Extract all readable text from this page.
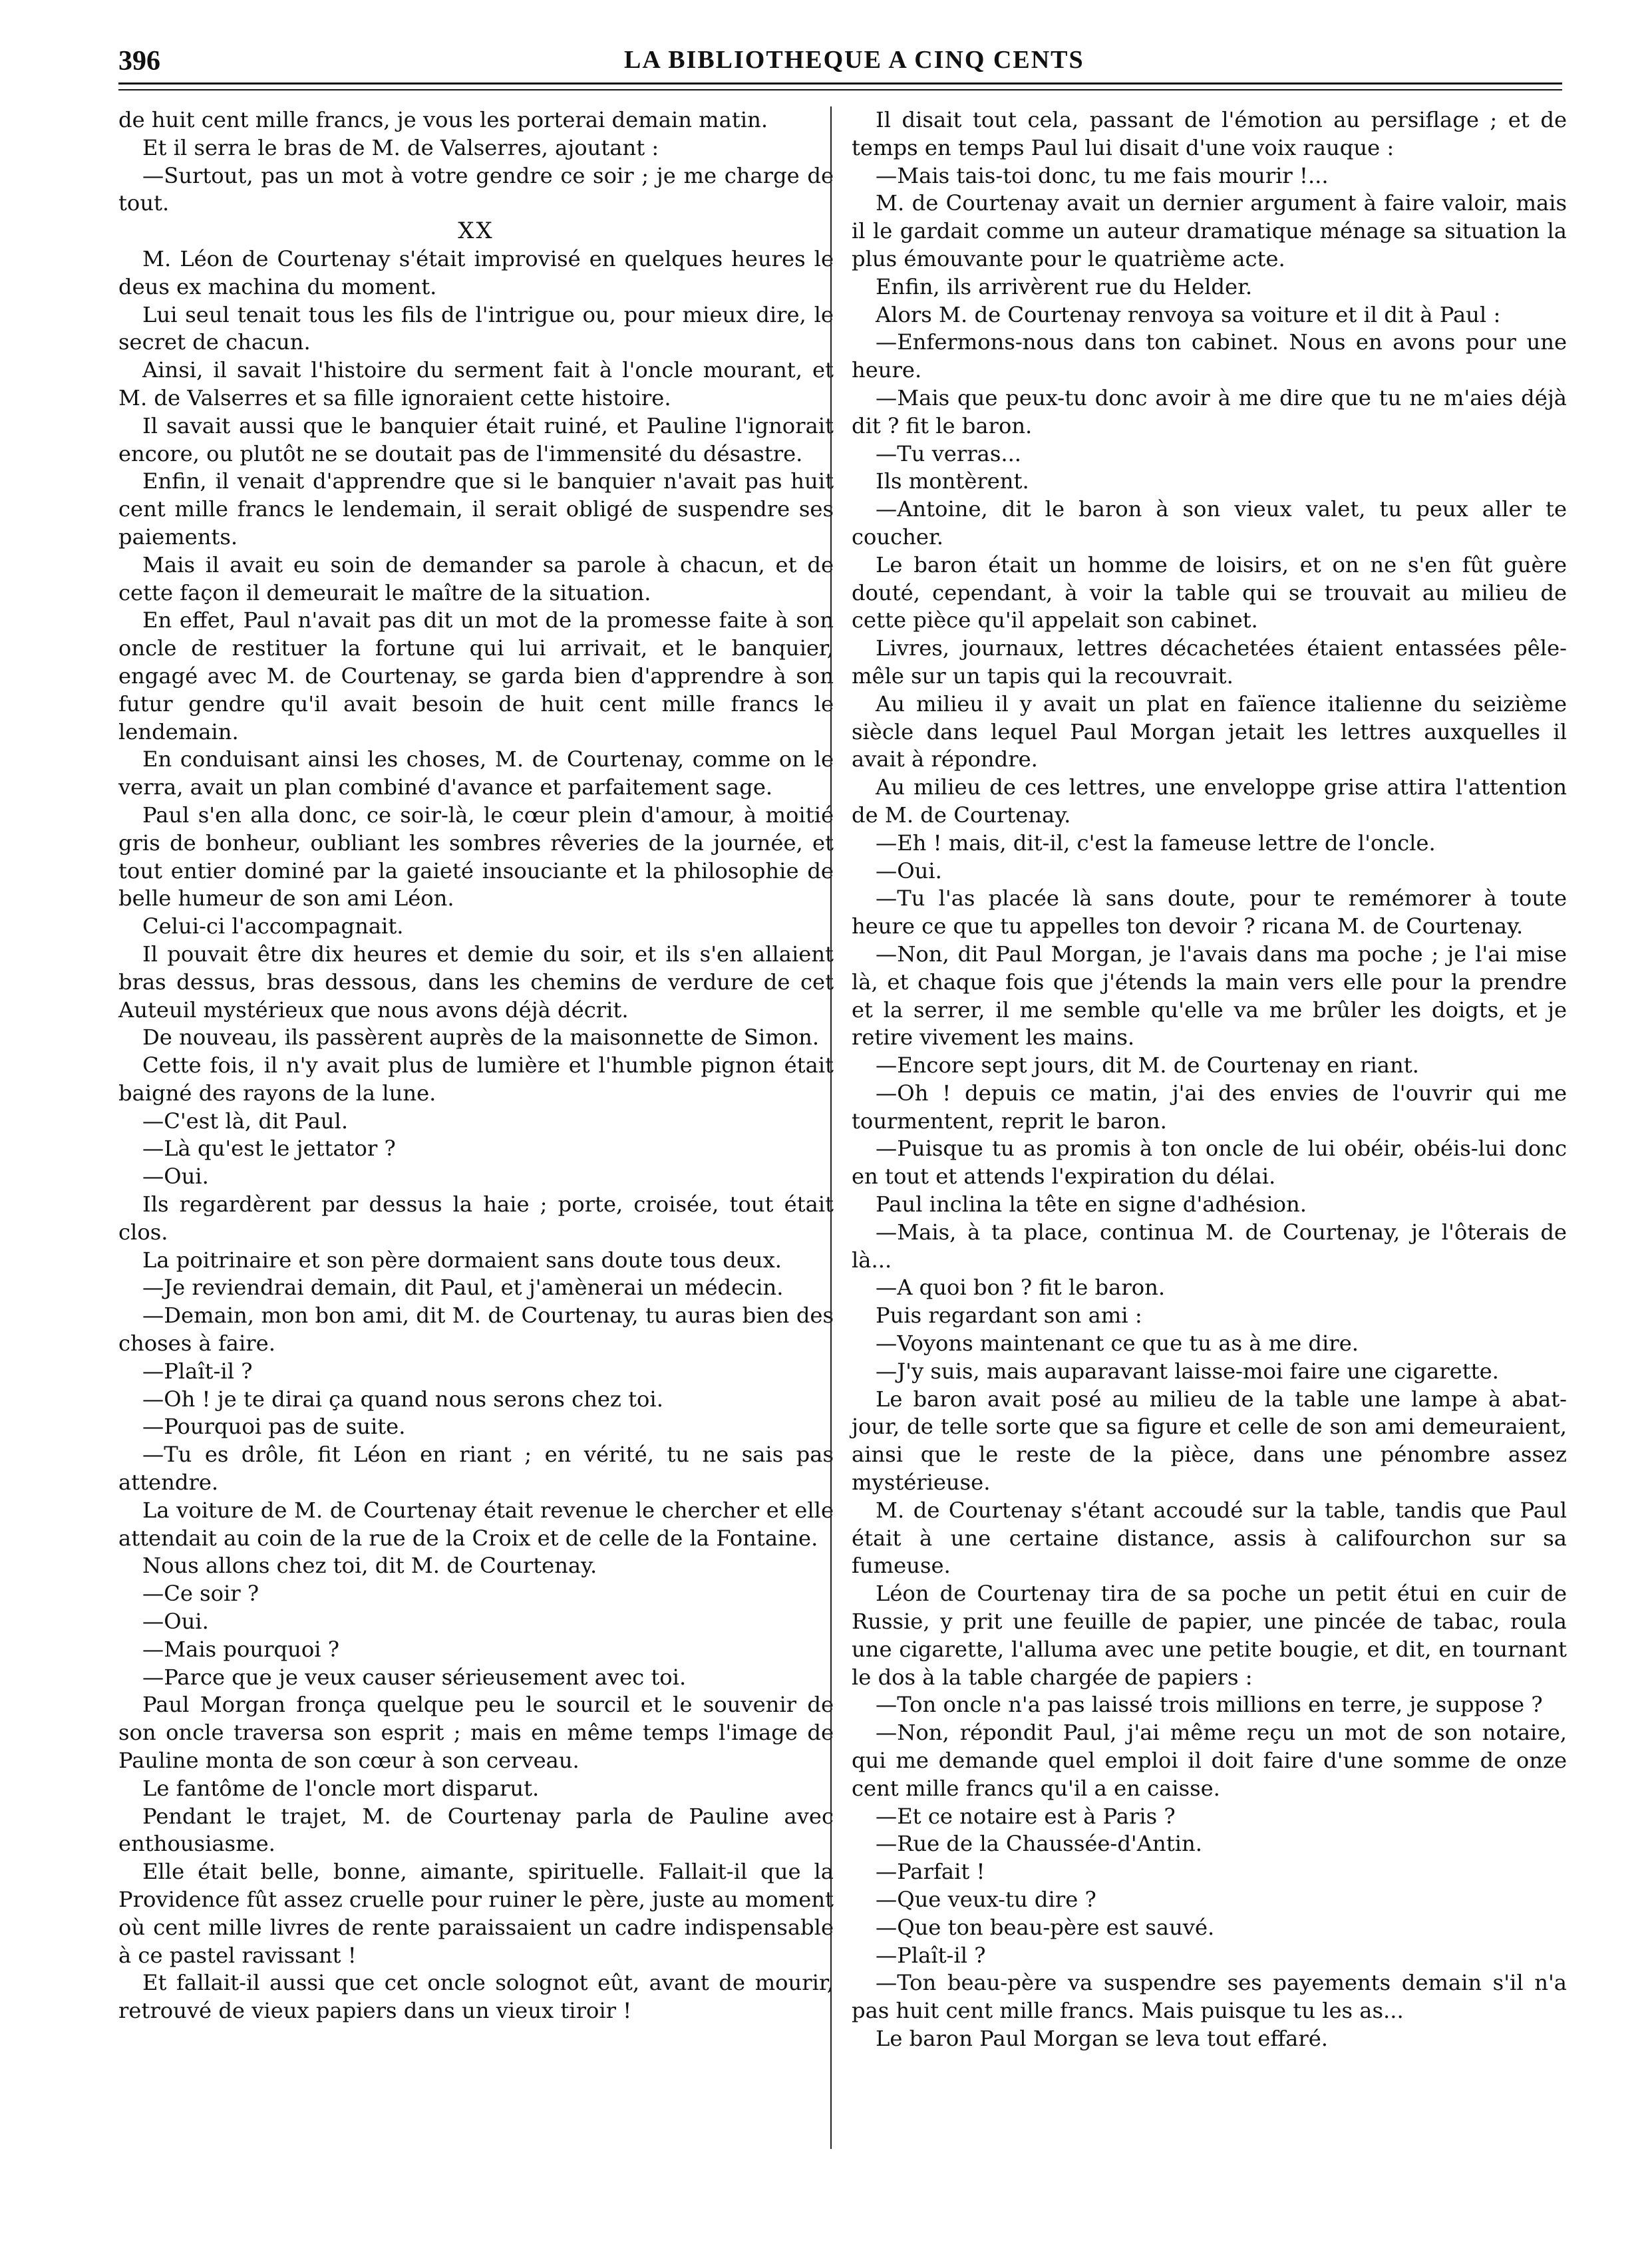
396	LA BIBLIOTHEQUE A CINQ CENTS

de huit cent mille francs, je vous les porterai demain matin.

Et il serra le bras de M. de Valserres, ajoutant :

—Surtout, pas un mot à votre gendre ce soir ; je me charge de tout.

XX

M. Léon de Courtenay s'était improvisé en quelques heures le deus ex machina du moment.

Lui seul tenait tous les fils de l'intrigue ou, pour mieux dire, le secret de chacun.

Ainsi, il savait l'histoire du serment fait à l'oncle mourant, et M. de Valserres et sa fille ignoraient cette histoire.

Il savait aussi que le banquier était ruiné, et Pauline l'ignorait encore, ou plutôt ne se doutait pas de l'immensité du désastre.

Enfin, il venait d'apprendre que si le banquier n'avait pas huit cent mille francs le lendemain, il serait obligé de suspendre ses paiements.

Mais il avait eu soin de demander sa parole à chacun, et de cette façon il demeurait le maître de la situation.

En effet, Paul n'avait pas dit un mot de la promesse faite à son oncle de restituer la fortune qui lui arrivait, et le banquier, engagé avec M. de Courtenay, se garda bien d'apprendre à son futur gendre qu'il avait besoin de huit cent mille francs le lendemain.

En conduisant ainsi les choses, M. de Courtenay, comme on le verra, avait un plan combiné d'avance et parfaitement sage.

Paul s'en alla donc, ce soir-là, le cœur plein d'amour, à moitié gris de bonheur, oubliant les sombres rêveries de la journée, et tout entier dominé par la gaieté insouciante et la philosophie de belle humeur de son ami Léon.

Celui-ci l'accompagnait.

Il pouvait être dix heures et demie du soir, et ils s'en allaient bras dessus, bras dessous, dans les chemins de verdure de cet Auteuil mystérieux que nous avons déjà décrit.

De nouveau, ils passèrent auprès de la maisonnette de Simon.

Cette fois, il n'y avait plus de lumière et l'humble pignon était baigné des rayons de la lune.

—C'est là, dit Paul.

—Là qu'est le jettator ?

—Oui.

Ils regardèrent par dessus la haie ; porte, croisée, tout était clos.

La poitrinaire et son père dormaient sans doute tous deux.

—Je reviendrai demain, dit Paul, et j'amènerai un médecin.

—Demain, mon bon ami, dit M. de Courtenay, tu auras bien des choses à faire.

—Plaît-il ?

—Oh ! je te dirai ça quand nous serons chez toi.

—Pourquoi pas de suite.

—Tu es drôle, fit Léon en riant ; en vérité, tu ne sais pas attendre.

La voiture de M. de Courtenay était revenue le chercher et elle attendait au coin de la rue de la Croix et de celle de la Fontaine.

Nous allons chez toi, dit M. de Courtenay.

—Ce soir ?

—Oui.

—Mais pourquoi ?

—Parce que je veux causer sérieusement avec toi.

Paul Morgan fronça quelque peu le sourcil et le souvenir de son oncle traversa son esprit ; mais en même temps l'image de Pauline monta de son cœur à son cerveau.

Le fantôme de l'oncle mort disparut.

Pendant le trajet, M. de Courtenay parla de Pauline avec enthousiasme.

Elle était belle, bonne, aimante, spirituelle. Fallait-il que la Providence fût assez cruelle pour ruiner le père, juste au moment où cent mille livres de rente paraissaient un cadre indispensable à ce pastel ravissant !

Et fallait-il aussi que cet oncle solognot eût, avant de mourir, retrouvé de vieux papiers dans un vieux tiroir !

Il disait tout cela, passant de l'émotion au persiflage ; et de temps en temps Paul lui disait d'une voix rauque :

—Mais tais-toi donc, tu me fais mourir !...

M. de Courtenay avait un dernier argument à faire valoir, mais il le gardait comme un auteur dramatique ménage sa situation la plus émouvante pour le quatrième acte.

Enfin, ils arrivèrent rue du Helder.

Alors M. de Courtenay renvoya sa voiture et il dit à Paul :

—Enfermons-nous dans ton cabinet. Nous en avons pour une heure.

—Mais que peux-tu donc avoir à me dire que tu ne m'aies déjà dit ? fit le baron.

—Tu verras...

Ils montèrent.

—Antoine, dit le baron à son vieux valet, tu peux aller te coucher.

Le baron était un homme de loisirs, et on ne s'en fût guère douté, cependant, à voir la table qui se trouvait au milieu de cette pièce qu'il appelait son cabinet.

Livres, journaux, lettres décachetées étaient entassées pêle-mêle sur un tapis qui la recouvrait.

Au milieu il y avait un plat en faïence italienne du seizième siècle dans lequel Paul Morgan jetait les lettres auxquelles il avait à répondre.

Au milieu de ces lettres, une enveloppe grise attira l'attention de M. de Courtenay.

—Eh ! mais, dit-il, c'est la fameuse lettre de l'oncle.

—Oui.

—Tu l'as placée là sans doute, pour te remémorer à toute heure ce que tu appelles ton devoir ? ricana M. de Courtenay.

—Non, dit Paul Morgan, je l'avais dans ma poche ; je l'ai mise là, et chaque fois que j'étends la main vers elle pour la prendre et la serrer, il me semble qu'elle va me brûler les doigts, et je retire vivement les mains.

—Encore sept jours, dit M. de Courtenay en riant.

—Oh ! depuis ce matin, j'ai des envies de l'ouvrir qui me tourmentent, reprit le baron.

—Puisque tu as promis à ton oncle de lui obéir, obéis-lui donc en tout et attends l'expiration du délai.

Paul inclina la tête en signe d'adhésion.

—Mais, à ta place, continua M. de Courtenay, je l'ôterais de là...

—A quoi bon ? fit le baron.

Puis regardant son ami :

—Voyons maintenant ce que tu as à me dire.

—J'y suis, mais auparavant laisse-moi faire une cigarette.

Le baron avait posé au milieu de la table une lampe à abat-jour, de telle sorte que sa figure et celle de son ami demeuraient, ainsi que le reste de la pièce, dans une pénombre assez mystérieuse.

M. de Courtenay s'étant accoudé sur la table, tandis que Paul était à une certaine distance, assis à califourchon sur sa fumeuse.

Léon de Courtenay tira de sa poche un petit étui en cuir de Russie, y prit une feuille de papier, une pincée de tabac, roula une cigarette, l'alluma avec une petite bougie, et dit, en tournant le dos à la table chargée de papiers :

—Ton oncle n'a pas laissé trois millions en terre, je suppose ?

—Non, répondit Paul, j'ai même reçu un mot de son notaire, qui me demande quel emploi il doit faire d'une somme de onze cent mille francs qu'il a en caisse.

—Et ce notaire est à Paris ?

—Rue de la Chaussée-d'Antin.

—Parfait !

—Que veux-tu dire ?

—Que ton beau-père est sauvé.

—Plaît-il ?

—Ton beau-père va suspendre ses payements demain s'il n'a pas huit cent mille francs. Mais puisque tu les as...

Le baron Paul Morgan se leva tout effaré.
